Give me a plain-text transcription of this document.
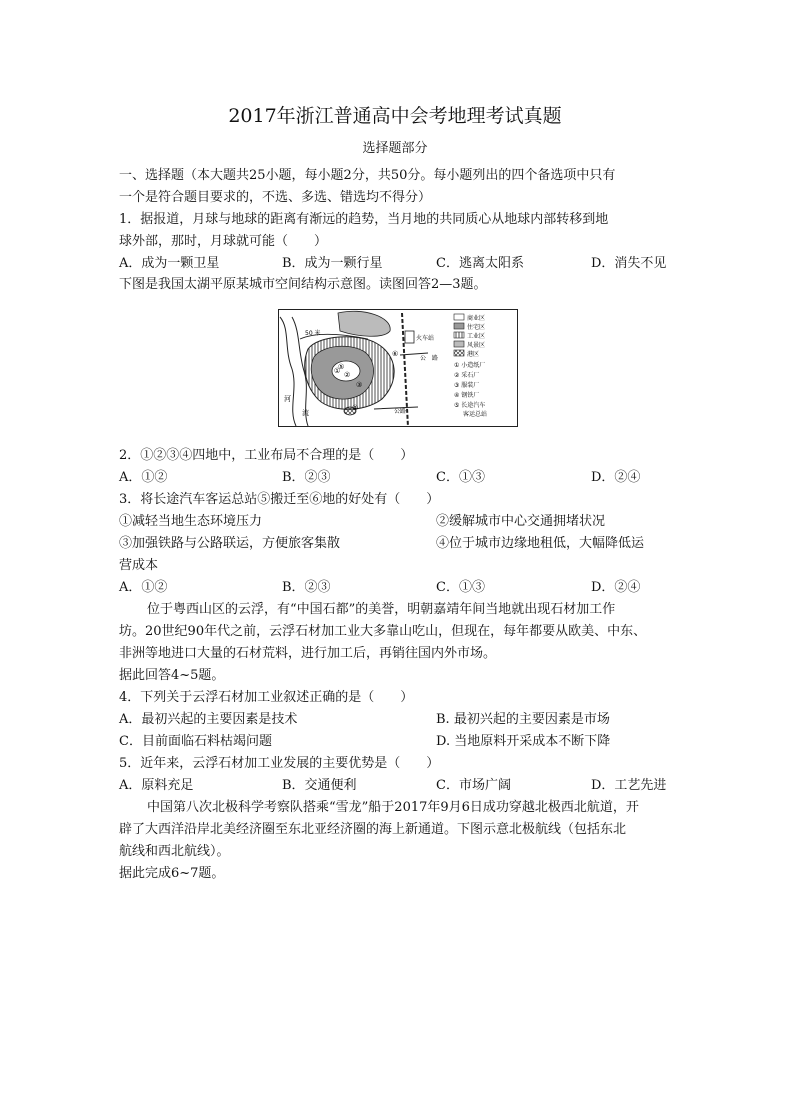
2017年浙江普通高中会考地理考试真题
选择题部分
一、选择题（本大题共25小题，每小题2分，共50分。每小题列出的四个备选项中只有
一个是符合题目要求的，不选、多选、错选均不得分）
1．据报道，月球与地球的距离有渐远的趋势，当月地的共同质心从地球内部转移到地
球外部，那时，月球就可能（　　）
A．成为一颗卫星	B．成为一颗行星	C．逃离太阳系	D．消失不见
下图是我国太湖平原某城市空间结构示意图。读图回答2—3题。
50 米
火车站
公　路
公路
河
流
① ②
③
④
⑤
⑥
商业区
住宅区
工业区
风景区
港区
① 小造纸厂
② 采石厂
③ 服装厂
④ 钢铁厂
⑤ 长途汽车
客运总站
2．①②③④四地中，工业布局不合理的是（　　）
A．①②	B．②③	C．①③	D．②④
3．将长途汽车客运总站⑤搬迁至⑥地的好处有（　　）
①减轻当地生态环境压力	②缓解城市中心交通拥堵状况
③加强铁路与公路联运，方便旅客集散	④位于城市边缘地租低，大幅降低运
营成本
A．①②	B．②③	C．①③	D．②④
位于粤西山区的云浮，有“中国石都”的美誉，明朝嘉靖年间当地就出现石材加工作
坊。20世纪90年代之前，云浮石材加工业大多靠山吃山，但现在，每年都要从欧美、中东、
非洲等地进口大量的石材荒料，进行加工后，再销往国内外市场。
据此回答4~5题。
4．下列关于云浮石材加工业叙述正确的是（　　）
A．最初兴起的主要因素是技术	B. 最初兴起的主要因素是市场
C．目前面临石料枯竭问题	D. 当地原料开采成本不断下降
5．近年来，云浮石材加工业发展的主要优势是（　　）
A．原料充足	B．交通便利	C．市场广阔	D．工艺先进
中国第八次北极科学考察队搭乘“雪龙”船于2017年9月6日成功穿越北极西北航道，开
辟了大西洋沿岸北美经济圈至东北亚经济圈的海上新通道。下图示意北极航线（包括东北
航线和西北航线）。
据此完成6~7题。
